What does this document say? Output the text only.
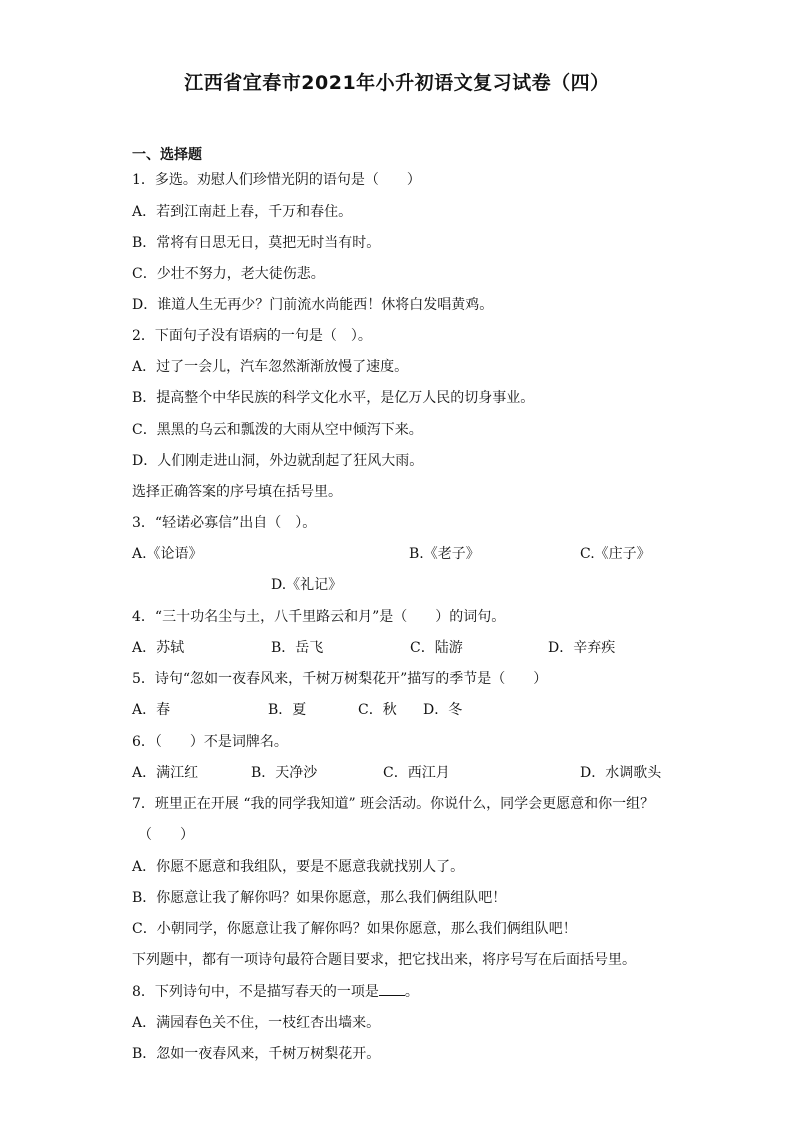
江西省宜春市2021年小升初语文复习试卷（四）
一、选择题
1．多选。劝慰人们珍惜光阴的语句是（　　）
A．若到江南赶上春，千万和春住。
B．常将有日思无日，莫把无时当有时。
C．少壮不努力，老大徒伤悲。
D．谁道人生无再少？门前流水尚能西！休将白发唱黄鸡。
2．下面句子没有语病的一句是（　）。
A．过了一会儿，汽车忽然渐渐放慢了速度。
B．提高整个中华民族的科学文化水平，是亿万人民的切身事业。
C．黑黑的乌云和瓢泼的大雨从空中倾泻下来。
D．人们刚走进山洞，外边就刮起了狂风大雨。
选择正确答案的序号填在括号里。
3．“轻诺必寡信”出自（　）。
A.《论语》	B.《老子》	C.《庄子》
D.《礼记》
4．“三十功名尘与土，八千里路云和月”是（　　）的词句。
A．苏轼	B．岳飞	C．陆游	D．辛弃疾
5．诗句“忽如一夜春风来，千树万树梨花开”描写的季节是（　　）
A．春	B．夏	C．秋 D．冬
6．（　　）不是词牌名。
A．满江红	B．天净沙	C．西江月	D．水调歌头
7．班里正在开展 “我的同学我知道” 班会活动。你说什么，同学会更愿意和你一组？
（　　）
A．你愿不愿意和我组队，要是不愿意我就找别人了。
B．你愿意让我了解你吗？如果你愿意，那么我们俩组队吧！
C．小朝同学，你愿意让我了解你吗？如果你愿意，那么我们俩组队吧！
下列题中，都有一项诗句最符合题目要求，把它找出来，将序号写在后面括号里。
8．下列诗句中，不是描写春天的一项是 。
A．满园春色关不住，一枝红杏出墙来。
B．忽如一夜春风来，千树万树梨花开。
